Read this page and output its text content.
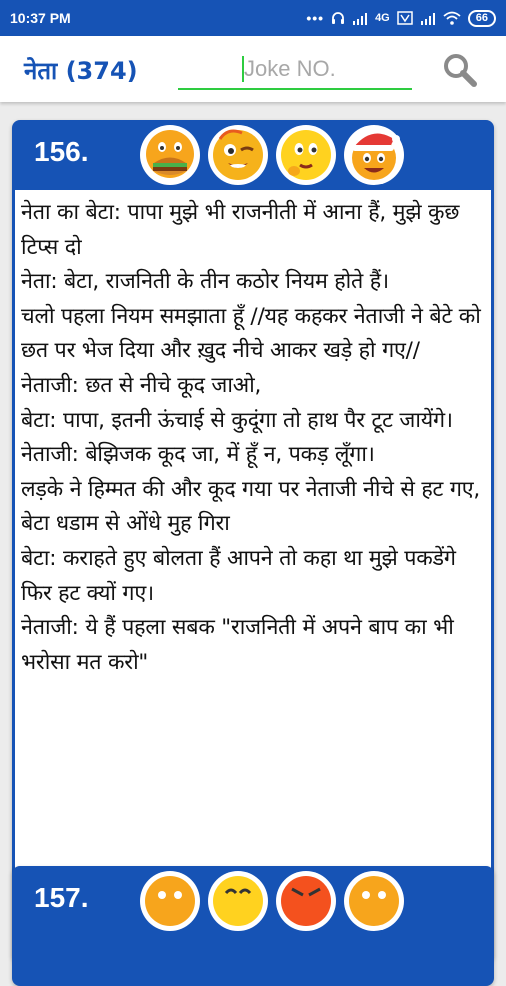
10:37 PM	•••	4G	66
नेता (374)
Joke NO.
156.
नेता का बेटा: पापा मुझे भी राजनीती में आना हैं, मुझे कुछ टिप्स दो
नेता: बेटा, राजनिती के तीन कठोर नियम होते हैं।
चलो पहला नियम समझाता हूँ //यह कहकर नेताजी ने बेटे को छत पर भेज दिया और ख़ुद नीचे आकर खड़े हो गए//
नेताजी: छत से नीचे कूद जाओ,
बेटा: पापा, इतनी ऊंचाई से कुदूंगा तो हाथ पैर टूट जायेंगे।
नेताजी: बेझिजक कूद जा, में हूँ न, पकड़ लूँगा।
लड़के ने हिम्मत की और कूद गया पर नेताजी नीचे से हट गए, बेटा धडाम से ओंधे मुह गिरा
बेटा: कराहते हुए बोलता हैं आपने तो कहा था मुझे पकडेंगे फिर हट क्यों गए।
नेताजी: ये हैं पहला सबक "राजनिती में अपने बाप का भी भरोसा मत करो"
157.
